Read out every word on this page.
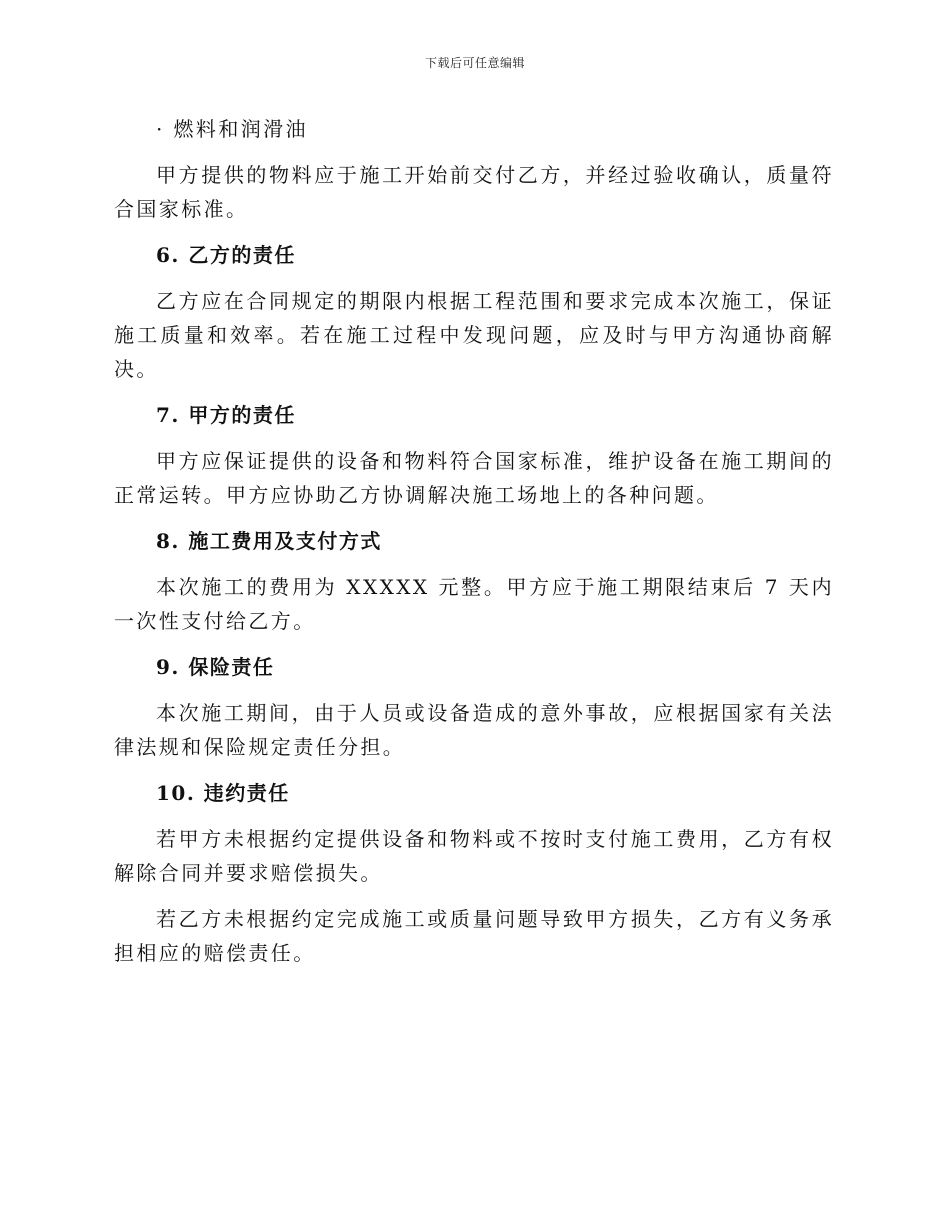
下载后可任意编辑

· 燃料和润滑油

甲方提供的物料应于施工开始前交付乙方，并经过验收确认，质量符合国家标准。

6. 乙方的责任

乙方应在合同规定的期限内根据工程范围和要求完成本次施工，保证施工质量和效率。若在施工过程中发现问题，应及时与甲方沟通协商解决。

7. 甲方的责任

甲方应保证提供的设备和物料符合国家标准，维护设备在施工期间的正常运转。甲方应协助乙方协调解决施工场地上的各种问题。

8. 施工费用及支付方式

本次施工的费用为 XXXXX 元整。甲方应于施工期限结束后 7 天内一次性支付给乙方。

9. 保险责任

本次施工期间，由于人员或设备造成的意外事故，应根据国家有关法律法规和保险规定责任分担。

10. 违约责任

若甲方未根据约定提供设备和物料或不按时支付施工费用，乙方有权解除合同并要求赔偿损失。

若乙方未根据约定完成施工或质量问题导致甲方损失，乙方有义务承担相应的赔偿责任。
